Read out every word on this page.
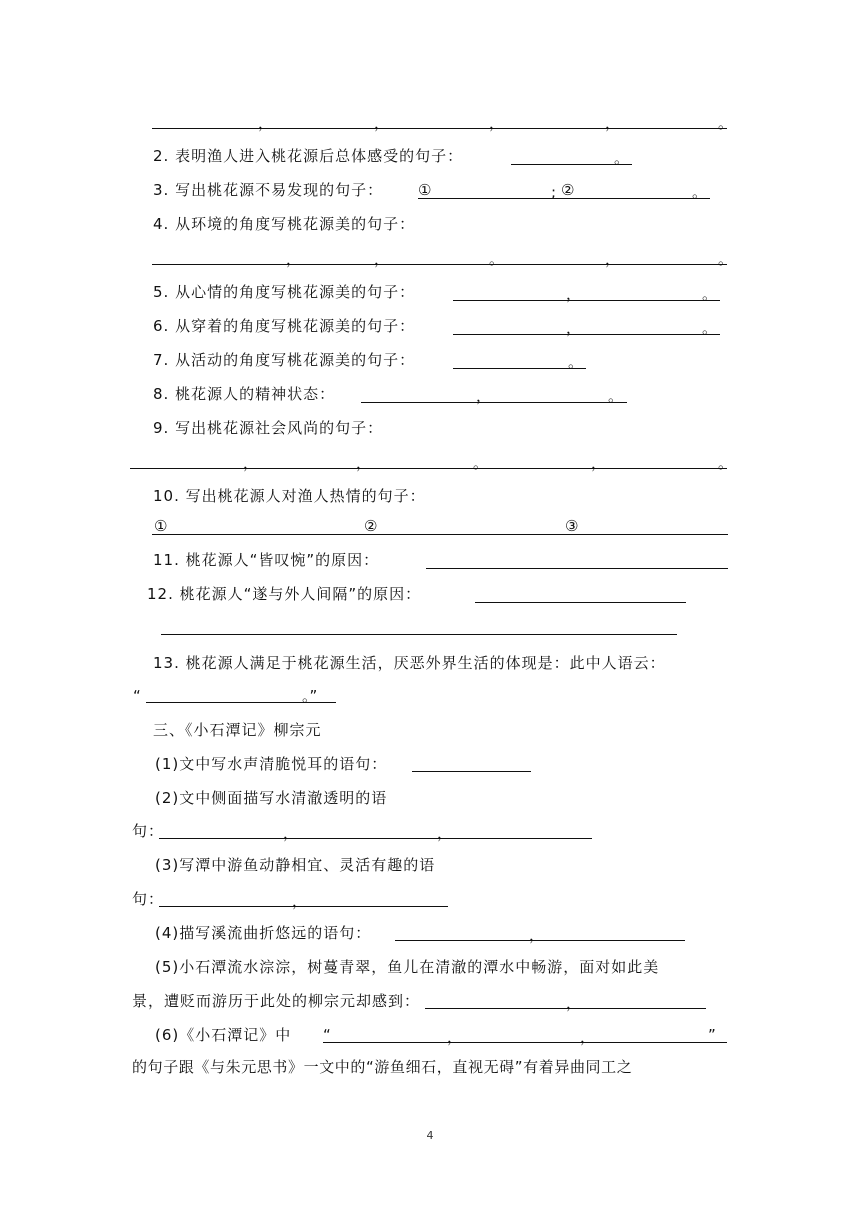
，	，	，	，	。
2. 表明渔人进入桃花源后总体感受的句子：	。
3. 写出桃花源不易发现的句子： ①	; ②	。
4. 从环境的角度写桃花源美的句子：
，	，	。	，	。
5. 从心情的角度写桃花源美的句子：	，	。
6. 从穿着的角度写桃花源美的句子：	，	。
7. 从活动的角度写桃花源美的句子：	。
8. 桃花源人的精神状态：	，	。
9. 写出桃花源社会风尚的句子：
，	，	。	，	。
10. 写出桃花源人对渔人热情的句子：
①	②	③
11. 桃花源人“皆叹惋”的原因：
12. 桃花源人“遂与外人间隔”的原因：
13. 桃花源人满足于桃花源生活，厌恶外界生活的体现是：此中人语云：
“	。”
三、《小石潭记》柳宗元
(1)文中写水声清脆悦耳的语句：
(2)文中侧面描写水清澈透明的语
句：	，	，
(3)写潭中游鱼动静相宜、灵活有趣的语
句：	，
(4)描写溪流曲折悠远的语句：	，
(5)小石潭流水淙淙，树蔓青翠，鱼儿在清澈的潭水中畅游，面对如此美
景，遭贬而游历于此处的柳宗元却感到：	，
(6)《小石潭记》中 “	，	，	”
的句子跟《与朱元思书》一文中的“游鱼细石，直视无碍”有着异曲同工之
4
